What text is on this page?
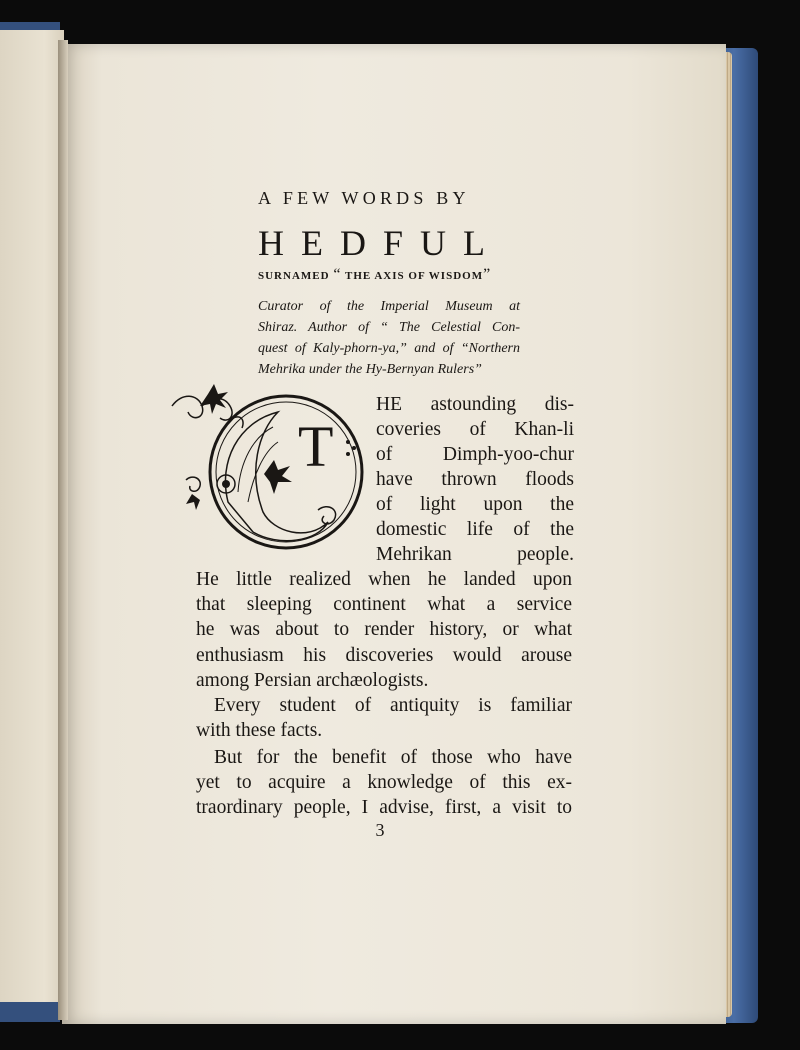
A FEW WORDS BY
HEDFUL
SURNAMED “ THE AXIS OF WISDOM”
Curator of the Imperial Museum at
Shiraz. Author of “ The Celestial Con-
quest of Kaly-phorn-ya,” and of “Northern
Mehrika under the Hy-Bernyan Rulers”
T
HE astounding dis-
coveries of Khan-li
of Dimph-yoo-chur
have thrown floods
of light upon the
domestic life of the
Mehrikan people.
He little realized when he landed upon
that sleeping continent what a service
he was about to render history, or what
enthusiasm his discoveries would arouse
among Persian archæologists.
Every student of antiquity is familiar
with these facts.
But for the benefit of those who have
yet to acquire a knowledge of this ex-
traordinary people, I advise, first, a visit to
3
